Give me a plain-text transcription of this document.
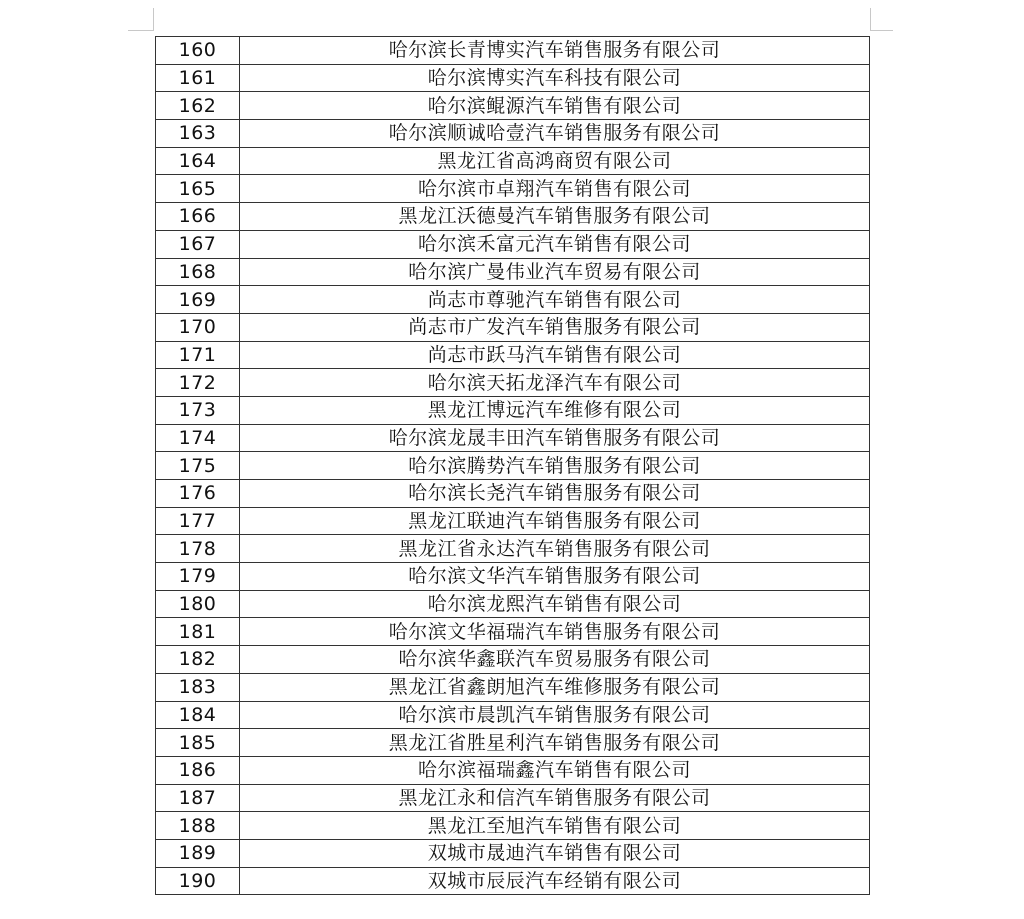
160	哈尔滨长青博实汽车销售服务有限公司
161	哈尔滨博实汽车科技有限公司
162	哈尔滨鲲源汽车销售有限公司
163	哈尔滨顺诚哈壹汽车销售服务有限公司
164	黑龙江省高鸿商贸有限公司
165	哈尔滨市卓翔汽车销售有限公司
166	黑龙江沃德曼汽车销售服务有限公司
167	哈尔滨禾富元汽车销售有限公司
168	哈尔滨广曼伟业汽车贸易有限公司
169	尚志市尊驰汽车销售有限公司
170	尚志市广发汽车销售服务有限公司
171	尚志市跃马汽车销售有限公司
172	哈尔滨天拓龙泽汽车有限公司
173	黑龙江博远汽车维修有限公司
174	哈尔滨龙晟丰田汽车销售服务有限公司
175	哈尔滨腾势汽车销售服务有限公司
176	哈尔滨长尧汽车销售服务有限公司
177	黑龙江联迪汽车销售服务有限公司
178	黑龙江省永达汽车销售服务有限公司
179	哈尔滨文华汽车销售服务有限公司
180	哈尔滨龙熙汽车销售有限公司
181	哈尔滨文华福瑞汽车销售服务有限公司
182	哈尔滨华鑫联汽车贸易服务有限公司
183	黑龙江省鑫朗旭汽车维修服务有限公司
184	哈尔滨市晨凯汽车销售服务有限公司
185	黑龙江省胜星利汽车销售服务有限公司
186	哈尔滨福瑞鑫汽车销售有限公司
187	黑龙江永和信汽车销售服务有限公司
188	黑龙江至旭汽车销售有限公司
189	双城市晟迪汽车销售有限公司
190	双城市辰辰汽车经销有限公司
